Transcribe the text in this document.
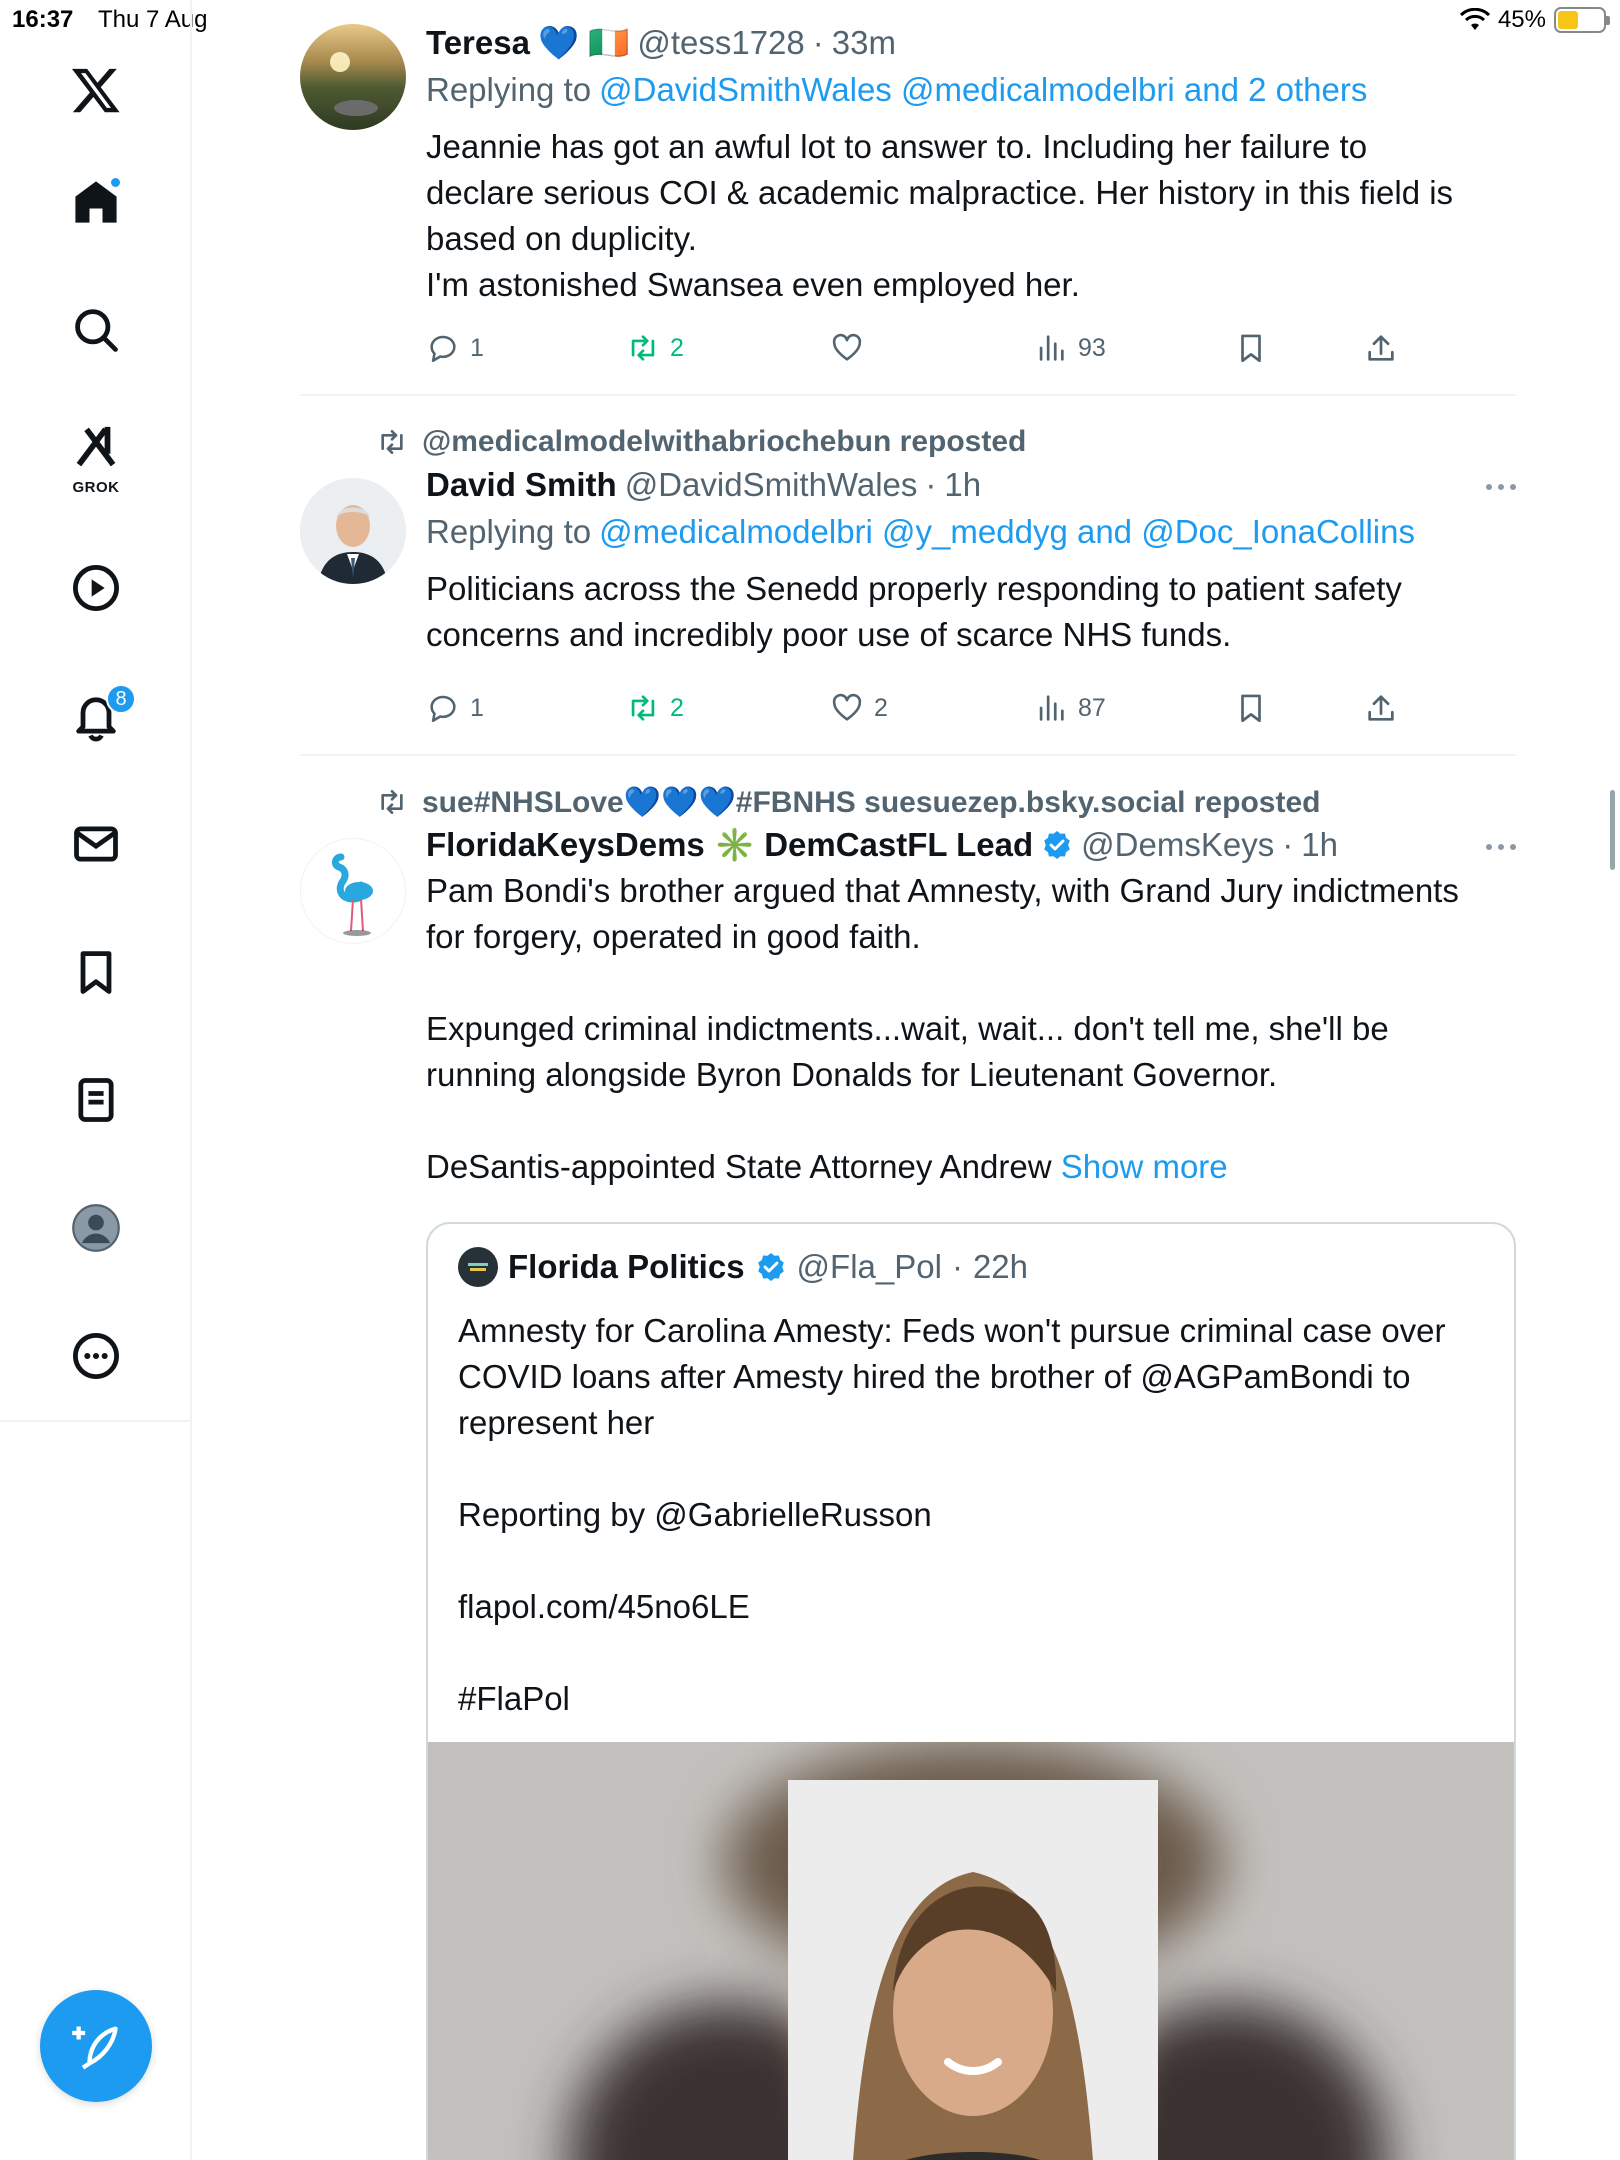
16:37 Thu 7 Aug	45%
GROK
8
Teresa 💙 🇮🇪 @tess1728 · 33m
Replying to @DavidSmithWales @medicalmodelbri and 2 others
Jeannie has got an awful lot to answer to. Including her failure to
declare serious COI & academic malpractice. Her history in this field is
based on duplicity.
I'm astonished Swansea even employed her.
1	2	93
@medicalmodelwithabriochebun reposted
David Smith @DavidSmithWales · 1h
Replying to @medicalmodelbri @y_meddyg and @Doc_IonaCollins
Politicians across the Senedd properly responding to patient safety
concerns and incredibly poor use of scarce NHS funds.
1	2	2	87
sue#NHSLove💙💙💙#FBNHS suesuezep.bsky.social reposted
FloridaKeysDems ✳️ DemCastFL Lead @DemsKeys · 1h
Pam Bondi's brother argued that Amnesty, with Grand Jury indictments
for forgery, operated in good faith.

Expunged criminal indictments...wait, wait... don't tell me, she'll be
running alongside Byron Donalds for Lieutenant Governor.

DeSantis-appointed State Attorney Andrew Show more
Florida Politics @Fla_Pol · 22h
Amnesty for Carolina Amesty: Feds won't pursue criminal case over
COVID loans after Amesty hired the brother of @AGPamBondi to
represent her

Reporting by @GabrielleRusson

flapol.com/45no6LE

#FlaPol
